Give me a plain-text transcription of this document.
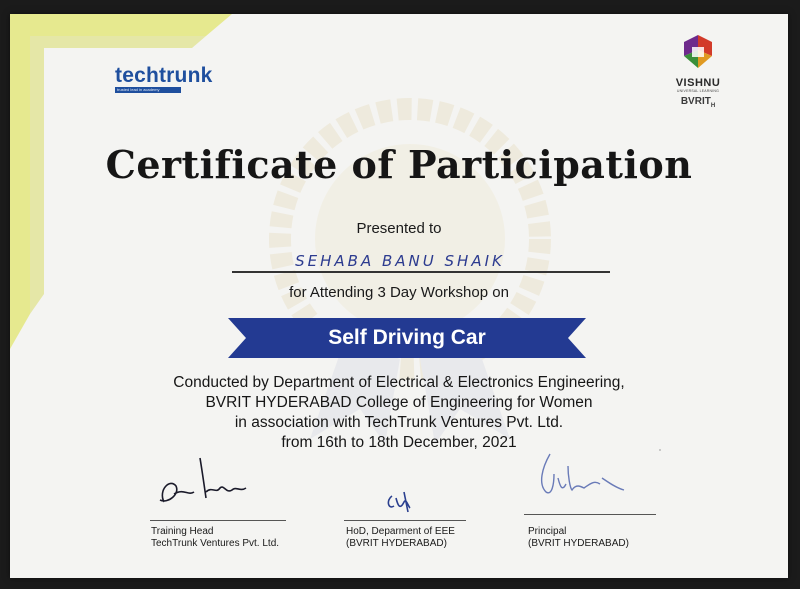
techtrunk
trusted lead in academy
VISHNU
UNIVERSAL LEARNING
$BVRIT_H$
Certificate of Participation
Presented to
SEHABA BANU SHAIK
for Attending 3 Day Workshop on
Self Driving Car
Conducted by Department of Electrical & Electronics Engineering,
BVRIT HYDERABAD College of Engineering for Women
in association with TechTrunk Ventures Pvt. Ltd.
from 16th to 18th December, 2021
Training Head
TechTrunk Ventures Pvt. Ltd.
HoD, Deparment of EEE
(BVRIT HYDERABAD)
Principal
(BVRIT HYDERABAD)
